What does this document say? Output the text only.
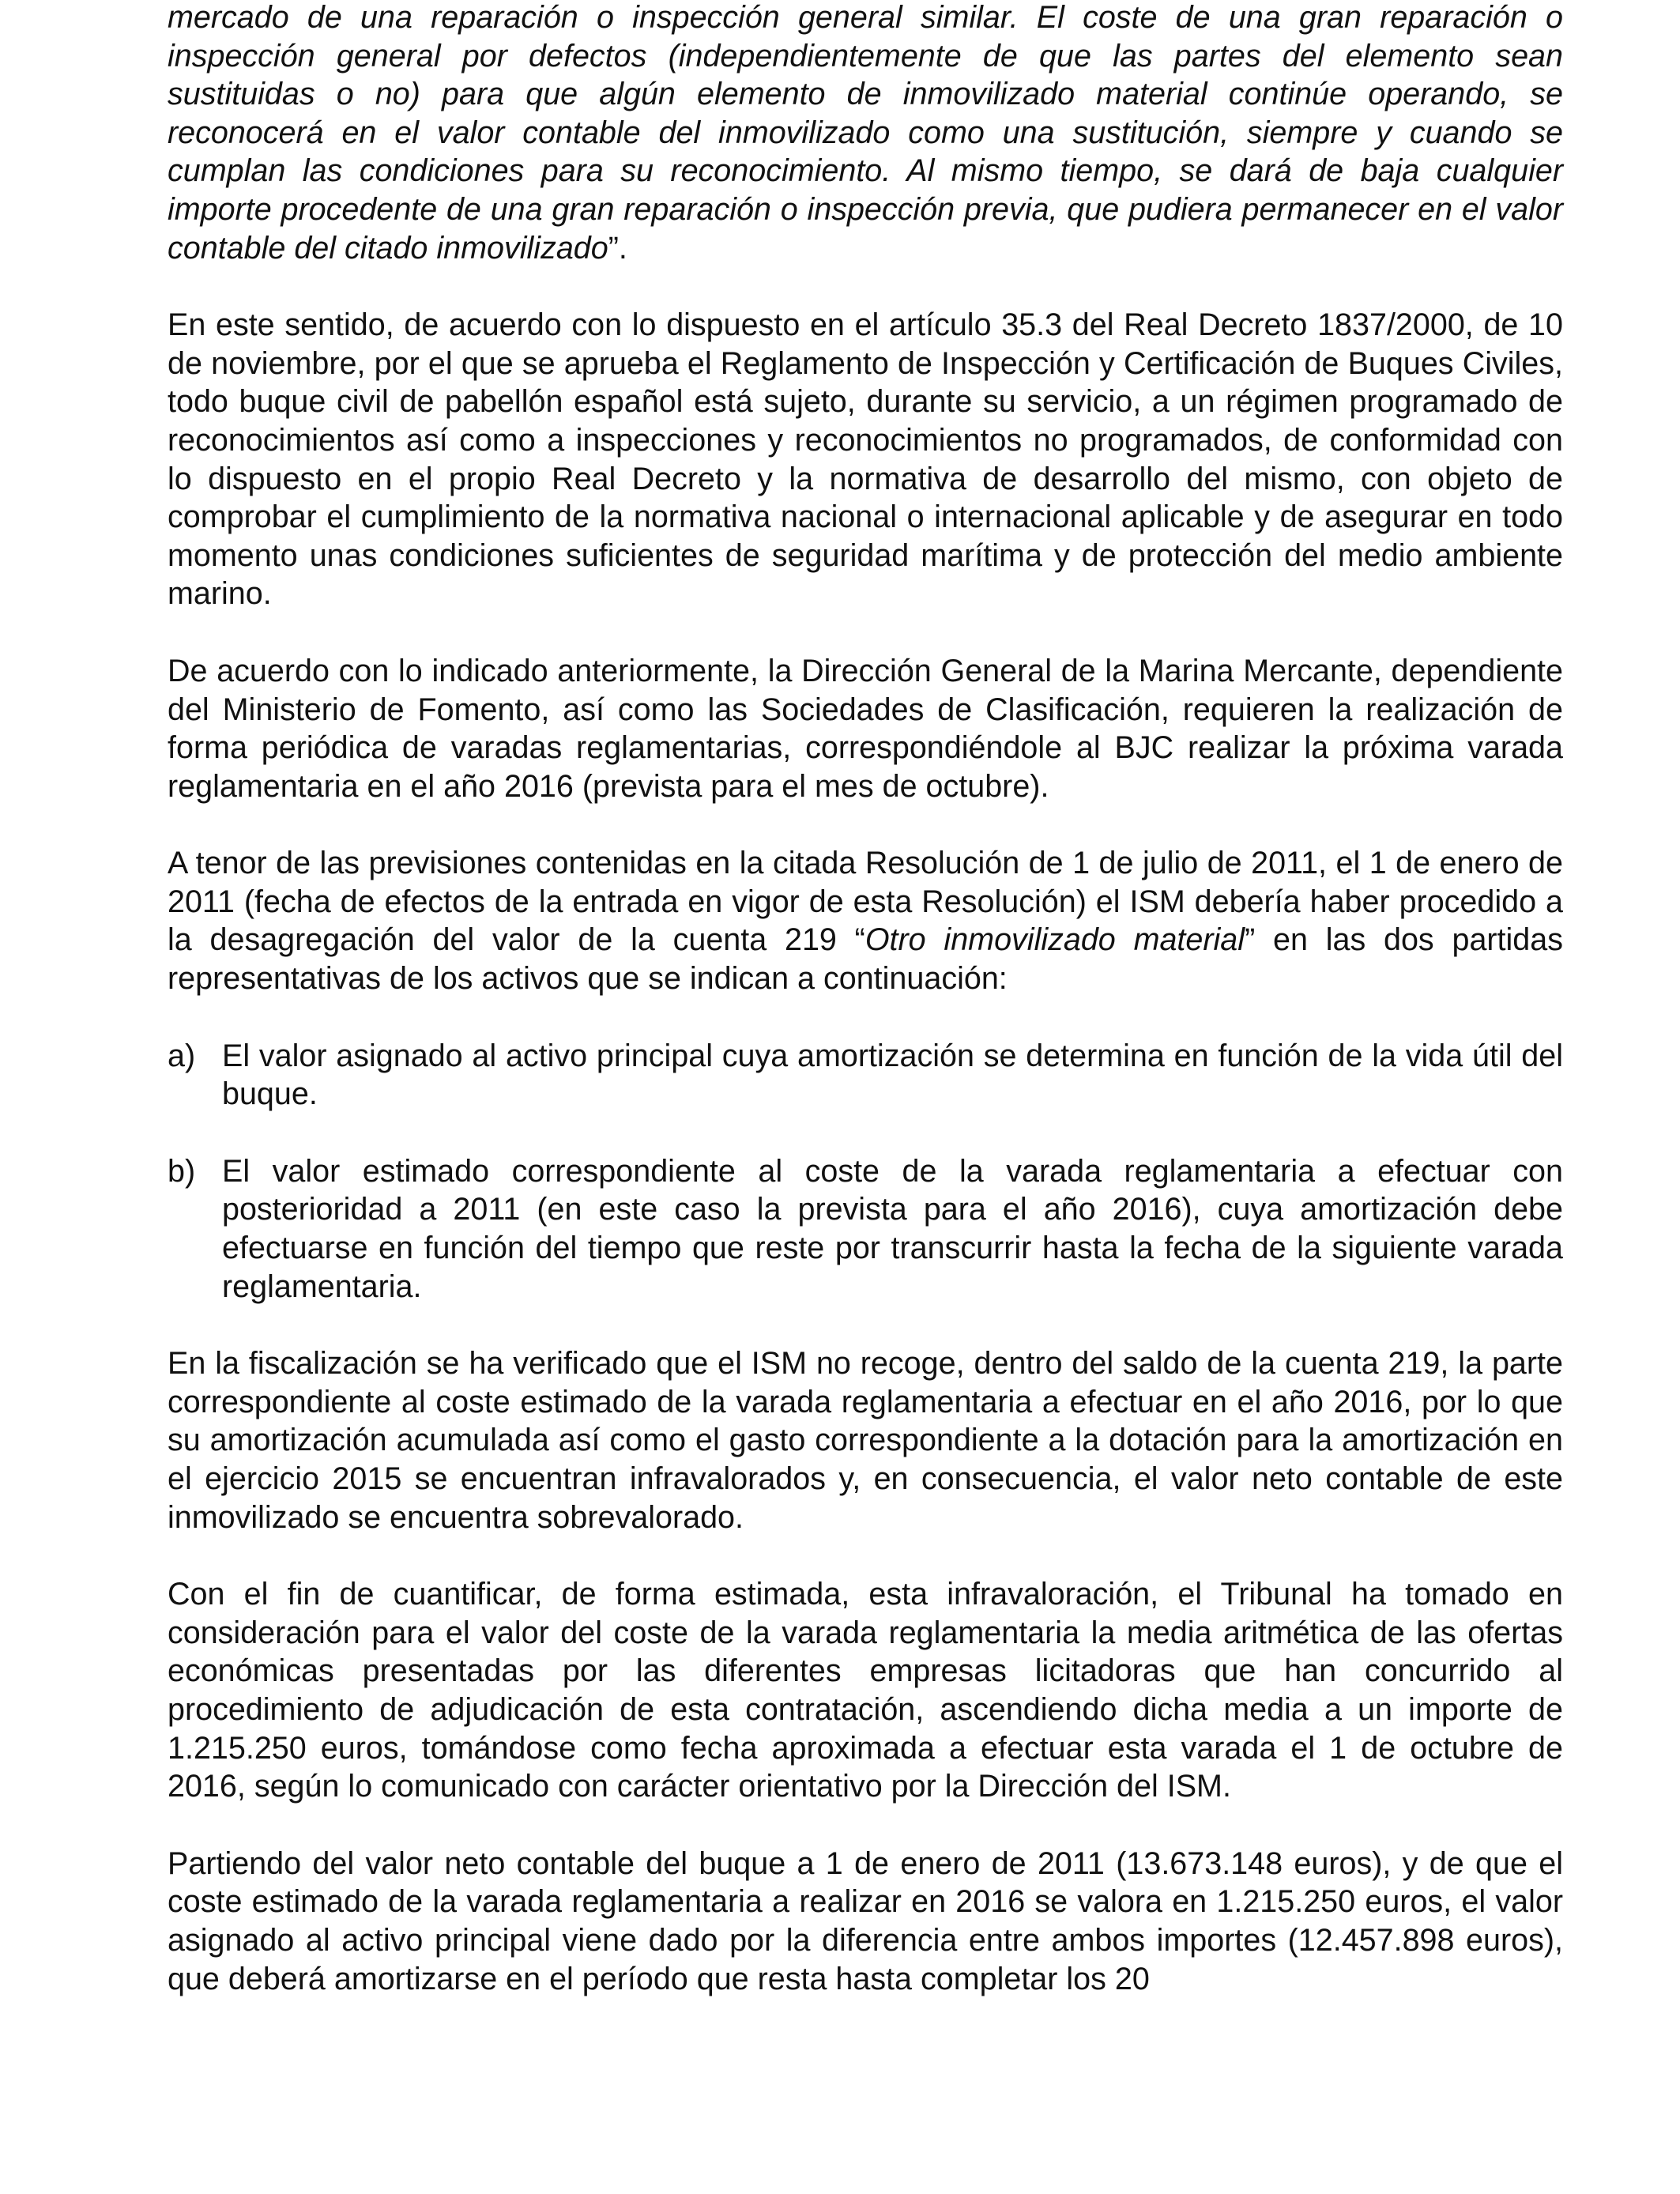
mercado de una reparación o inspección general similar. El coste de una gran reparación o inspección general por defectos (independientemente de que las partes del elemento sean sustituidas o no) para que algún elemento de inmovilizado material continúe operando, se reconocerá en el valor contable del inmovilizado como una sustitución, siempre y cuando se cumplan las condiciones para su reconocimiento. Al mismo tiempo, se dará de baja cualquier importe procedente de una gran reparación o inspección previa, que pudiera permanecer en el valor contable del citado inmovilizado”.

En este sentido, de acuerdo con lo dispuesto en el artículo 35.3 del Real Decreto 1837/2000, de 10 de noviembre, por el que se aprueba el Reglamento de Inspección y Certificación de Buques Civiles, todo buque civil de pabellón español está sujeto, durante su servicio, a un régimen programado de reconocimientos así como a inspecciones y reconocimientos no programados, de conformidad con lo dispuesto en el propio Real Decreto y la normativa de desarrollo del mismo, con objeto de comprobar el cumplimiento de la normativa nacional o internacional aplicable y de asegurar en todo momento unas condiciones suficientes de seguridad marítima y de protección del medio ambiente marino.

De acuerdo con lo indicado anteriormente, la Dirección General de la Marina Mercante, dependiente del Ministerio de Fomento, así como las Sociedades de Clasificación, requieren la realización de forma periódica de varadas reglamentarias, correspondiéndole al BJC realizar la próxima varada reglamentaria en el año 2016 (prevista para el mes de octubre).

A tenor de las previsiones contenidas en la citada Resolución de 1 de julio de 2011, el 1 de enero de 2011 (fecha de efectos de la entrada en vigor de esta Resolución) el ISM debería haber procedido a la desagregación del valor de la cuenta 219 “Otro inmovilizado material” en las dos partidas representativas de los activos que se indican a continuación:

a) El valor asignado al activo principal cuya amortización se determina en función de la vida útil del buque.
b) El valor estimado correspondiente al coste de la varada reglamentaria a efectuar con posterioridad a 2011 (en este caso la prevista para el año 2016), cuya amortización debe efectuarse en función del tiempo que reste por transcurrir hasta la fecha de la siguiente varada reglamentaria.

En la fiscalización se ha verificado que el ISM no recoge, dentro del saldo de la cuenta 219, la parte correspondiente al coste estimado de la varada reglamentaria a efectuar en el año 2016, por lo que su amortización acumulada así como el gasto correspondiente a la dotación para la amortización en el ejercicio 2015 se encuentran infravalorados y, en consecuencia, el valor neto contable de este inmovilizado se encuentra sobrevalorado.

Con el fin de cuantificar, de forma estimada, esta infravaloración, el Tribunal ha tomado en consideración para el valor del coste de la varada reglamentaria la media aritmética de las ofertas económicas presentadas por las diferentes empresas licitadoras que han concurrido al procedimiento de adjudicación de esta contratación, ascendiendo dicha media a un importe de 1.215.250 euros, tomándose como fecha aproximada a efectuar esta varada el 1 de octubre de 2016, según lo comunicado con carácter orientativo por la Dirección del ISM.

Partiendo del valor neto contable del buque a 1 de enero de 2011 (13.673.148 euros), y de que el coste estimado de la varada reglamentaria a realizar en 2016 se valora en 1.215.250 euros, el valor asignado al activo principal viene dado por la diferencia entre ambos importes (12.457.898 euros), que deberá amortizarse en el período que resta hasta completar los 20
